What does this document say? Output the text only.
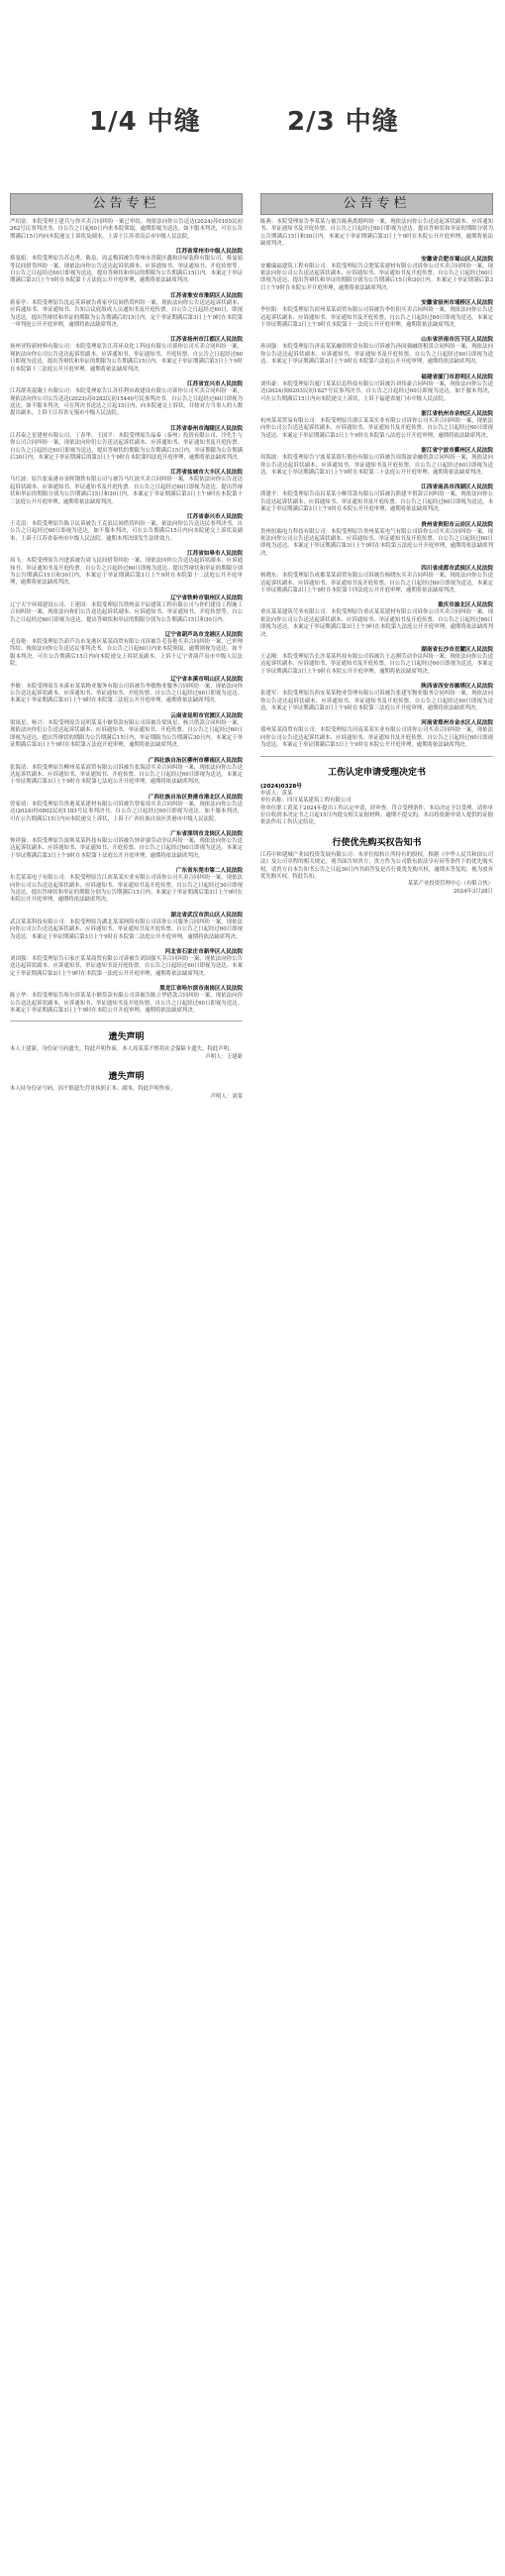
1/4 中缝	2/3 中缝
公告专栏

严绍富：本院受理王建兵与你买卖合同纠纷一案已审结。现依法向你公告送达(2024)苏0105民初262号民事判决书。自公告之日起60日内来本院领取，逾期即视为送达。如不服本判决，可在公告期满后15日内向本院递交上诉状及副本，上诉于江苏省南京市中级人民法院。

江苏省常州市中级人民法院

蔡曼娟：本院受理原告苏志勇、陈泉、周孟梅诉被告常州市晋陵区鑫和房屋装修有限公司、蔡曼娟等民间借贷纠纷一案，现依法向你公告送达起诉状副本、应诉通知书、举证通知书、开庭传票等。自公告之日起经过60日即视为送达。提出答辩状和举证的期限为公告期满后15日内。本案定于举证期满后第3日上午9时在本院第十五法庭公开开庭审理，逾期将依法缺席判决。

江苏省淮安市淮阴区人民法院

蒋家亭：本院受理原告沈远英诉被告蒋家亭民间借贷纠纷一案，现依法向你公告送达起诉状副本、应诉通知书、举证通知书、告知合议庭组成人员通知书及开庭传票。自公告之日起经过60日，即视为送达。提出答辩状和举证的期限为公告期满后的15日内。定于举证期满后第3日上午9时在本院第一审判庭公开开庭审理，逾期将依法缺席判决。

江苏省扬州市江都区人民法院

扬州亚特新材料有限公司：本院受理原告江苏环众化工科技有限公司诉你公司买卖合同纠纷一案，现依法向你公司公告送达起诉状副本、应诉通知书、举证通知书、开庭传票。自公告之日起经过60日即视为送达。提出答辩状和举证的期限为公告期满后15日内。本案定于举证期满后第3日上午9时在本院第十三法庭公开开庭审理。逾期将依法缺席判决。

江苏省宜兴市人民法院

江苏群英混凝土有限公司：本院受理原告江苏佳利市政建设有限公司诉你公司买卖合同纠纷一案，现依法向你公司公告送达(2023)苏0282民初15440号民事判决书。自公告之日起经过60日即视为送达。如不服本判决，可在判决书送达之日起15日内，向本院递交上诉状，并按对方当事人的人数提出副本，上诉于江苏省无锡市中级人民法院。

江苏省泰州市海陵区人民法院

江苏泰之星建材有限公司、丁春华、王国平：本院受理原告晶泰（泰州）投资有限公司、冷先生与你公司合同纠纷一案，现依法向你们公告送达起诉状副本、应诉通知书、举证通知书及开庭传票。自公告之日起经过60日即视为送达。提出答辩状的期限为公告期满后15日内，举证期限为公告期满后30日内。本案定于举证期满后的第3日上午9时在本院第四法庭开庭审理，逾期将依法缺席判决。

江苏省盐城市大丰区人民法院

马红波：原告张家港市金晖钢铁有限公司与被告马红波买卖合同纠纷一案，本院依法向你公告送达起诉状副本、应诉通知书、举证通知书及开庭传票。自公告之日起经过60日即视为送达。提出答辩状和举证的期限分别为公告期满后15日和30日内。本案定于举证期满后第3日上午9时在本院第十三法庭公开开庭审理，逾期将依法缺席判决。

江苏省泰兴市人民法院

王克浪：本院受理原告陈卫民诉被告王克浪民间借贷纠纷一案，依法向你公告送达民事判决书。自公告之日起经过60日即视为送达。如不服本判决，可在公告期满后15日内向本院递交上诉状及副本，上诉于江苏省泰州市中级人民法院。逾期本判决即发生法律效力。

江苏省如皋市人民法院

周飞：本院受理原告冯进诉被告周飞民间借贷纠纷一案，现依法向你公告送达起诉状副本、应诉通知书、举证通知书及开庭传票。自公告之日起经过60日即视为送达。提出答辩状和举证的期限分别为公告期满后15日和30日内。本案定于举证期满后第3日上午9时在本院第十二法庭公开开庭审理，逾期将依法缺席判决。

辽宁省铁岭市银州区人民法院

辽宁天宇环境建设公司、王建国：本院受理原告铁岭县宇辰建筑工程有限公司与你们建设工程施工合同纠纷一案，现依法向你们公告送达起诉状副本、应诉通知书、举证通知书、开庭传票等。自公告之日起经过60日即视为送达。提出答辩状和举证的期限分别为公告期满后15日和30日内。

辽宁省葫芦岛市龙港区人民法院

毛春艳：本院受理原告葫芦岛市龙港区某某商贸有限公司诉被告毛春艳买卖合同纠纷一案，已审理终结。现依法向你公告送达民事判决书。自公告之日起60日内来本院领取，逾期则视为送达。如不服本判决，可在公告期满后15日内向本院递交上诉状及副本，上诉于辽宁省葫芦岛市中级人民法院。

辽宁省本溪市明山区人民法院

李敏：本院受理原告本溪市某某物业服务有限公司诉被告李敏物业服务合同纠纷一案，现依法向你公告送达起诉状副本、应诉通知书、举证通知书、开庭传票。自公告之日起经过60日即视为送达。本案定于举证期满后第3日上午9时在本院第三法庭公开开庭审理，逾期将依法缺席判决。

云南省昆明市官渡区人民法院

梁凤星、杨兴：本院受理原告昆明某某小额贷款有限公司诉被告梁凤星、杨兴借款合同纠纷一案，现依法向你们公告送达起诉状副本、应诉通知书、举证通知书、开庭传票。自公告之日起经过60日即视为送达。提出答辩状的期限为公告期满后15日内，举证期限为公告期满后30日内。本案定于举证期满后第3日上午9时在本院第五法庭开庭审理，逾期将依法缺席判决。

广西壮族自治区柳州市柳南区人民法院

张海清：本院受理原告柳州某某商贸有限公司诉被告张海清买卖合同纠纷一案，现依法向你公告送达起诉状副本、应诉通知书、举证通知书、开庭传票。自公告之日起经过60日即视为送达。本案定于举证期满后第3日上午9时在本院第七法庭公开开庭审理，逾期将依法缺席判决。

广西壮族自治区贵港市港北区人民法院

曾家靖：本院受理原告贵港某某建材有限公司诉被告曾家靖买卖合同纠纷一案，现依法向你公告送达(2024)桂0802民初1183号民事判决书。自公告之日起经过60日即视为送达。如不服本判决，可在公告期满后15日内向本院递交上诉状，上诉于广西壮族自治区贵港市中级人民法院。

广东省深圳市龙岗区人民法院

钟祥强：本院受理原告深圳某某科技有限公司诉被告钟祥强劳动争议纠纷一案，现依法向你公告送达起诉状副本、应诉通知书、举证通知书、开庭传票。自公告之日起经过60日即视为送达。本案定于举证期满后第3日上午9时在本院第十法庭公开开庭审理，逾期将依法缺席判决。

广东省东莞市第二人民法院

东莞某某电子有限公司：本院受理原告江西某某实业有限公司诉你公司买卖合同纠纷一案，现依法向你公司公告送达起诉状副本、应诉通知书、举证通知书及开庭传票。自公告之日起经过30日即视为送达。提出答辩状和举证的期限分别为公告期满后15日内。本案定于举证期满后第3日上午9时在本院公开开庭审理，逾期将依法缺席判决。

湖北省武汉市洪山区人民法院

武汉某某科技有限公司：本院受理原告湖北某某网络有限公司诉你公司服务合同纠纷一案，现依法向你公司公告送达起诉状副本、应诉通知书、举证通知书及开庭传票。自公告之日起经过60日即视为送达。本案定于举证期满后第3日上午9时在本院第二法庭公开开庭审理，逾期将依法缺席判决。

河北省石家庄市新华区人民法院

刘国强：本院受理原告石家庄某某商贸有限公司诉被告刘国强买卖合同纠纷一案，现依法向你公告送达起诉状副本、应诉通知书、举证通知书及开庭传票。自公告之日起经过60日即视为送达。本案定于举证期满后第3日上午9时在本院第一法庭公开开庭审理，逾期将依法缺席判决。

黑龙江省哈尔滨市南岗区人民法院

陈立华：本院受理原告哈尔滨某某小额贷款有限公司诉被告陈立华借款合同纠纷一案，现依法向你公告送达起诉状副本、应诉通知书、举证通知书及开庭传票。自公告之日起经过60日即视为送达。本案定于举证期满后第3日上午9时在本院公开开庭审理，逾期将依法缺席判决。

遗失声明

本人王建新，身份证号码遗失，特此声明作废。本人周某某不慎将社会保障卡遗失，特此声明。

声明人：王建新
遗失声明

本人持身份证号码，因不慎遗失营业执照正本、副本，特此声明作废。

声明人：刘某
公告专栏

陈燕：本院受理原告李某某与被告陈燕离婚纠纷一案，现依法向你公告送达起诉状副本、应诉通知书、举证通知书及开庭传票。自公告之日起经过60日即视为送达。提出答辩状和举证的期限分别为公告期满后15日和30日内。本案定于举证期满后第3日上午9时在本院公开开庭审理，逾期将依法缺席判决。

安徽省合肥市蜀山区人民法院

安徽瑞福建筑工程有限公司：本院受理原告合肥某某建材有限公司诉你公司买卖合同纠纷一案，现依法向你公司公告送达起诉状副本、应诉通知书、举证通知书及开庭传票。自公告之日起经过60日即视为送达。提出答辩状和举证的期限分别为公告期满后15日和30日内。本案定于举证期满后第3日上午9时在本院公开开庭审理，逾期将依法缺席判决。

安徽省宿州市埇桥区人民法院

李恒阳：本院受理原告宿州某某商贸有限公司诉被告李恒阳买卖合同纠纷一案，现依法向你公告送达起诉状副本、应诉通知书、举证通知书及开庭传票。自公告之日起经过60日即视为送达。本案定于举证期满后第3日上午9时在本院第十一法庭公开开庭审理，逾期将依法缺席判决。

山东省济南市历下区人民法院

孙国强：本院受理原告济南某某融资租赁有限公司诉被告孙国强融资租赁合同纠纷一案，现依法向你公告送达起诉状副本、应诉通知书、举证通知书及开庭传票。自公告之日起经过60日即视为送达。本案定于举证期满后第3日上午9时在本院第六法庭公开开庭审理，逾期将依法缺席判决。

福建省厦门市思明区人民法院

刘伟豪：本院受理原告厦门某某信息科技有限公司诉被告刘伟豪合同纠纷一案，现依法向你公告送达(2024)闽0203民初1827号民事判决书。自公告之日起经过60日即视为送达。如不服本判决，可在公告期满后15日内向本院递交上诉状，上诉于福建省厦门市中级人民法院。

浙江省杭州市余杭区人民法院

杭州某某贸易有限公司：本院受理原告浙江某某实业有限公司诉你公司买卖合同纠纷一案，现依法向你公司公告送达起诉状副本、应诉通知书、举证通知书及开庭传票。自公告之日起经过60日即视为送达。本案定于举证期满后第3日上午9时在本院第八法庭公开开庭审理，逾期将依法缺席判决。

浙江省宁波市鄞州区人民法院

周海波：本院受理原告宁波某某银行股份有限公司诉被告周海波金融借款合同纠纷一案，现依法向你公告送达起诉状副本、应诉通知书、举证通知书及开庭传票。自公告之日起经过60日即视为送达。本案定于举证期满后第3日上午9时在本院第二十法庭公开开庭审理，逾期将依法缺席判决。

江西省南昌市西湖区人民法院

熊建平：本院受理原告南昌某某小额贷款有限公司诉被告熊建平借款合同纠纷一案，现依法向你公告送达起诉状副本、应诉通知书、举证通知书及开庭传票。自公告之日起经过60日即视为送达。本案定于举证期满后第3日上午9时在本院公开开庭审理，逾期将依法缺席判决。

贵州省贵阳市云岩区人民法院

贵州恒瑞电力科技有限公司：本院受理原告贵州某某电气有限公司诉你公司买卖合同纠纷一案，现依法向你公司公告送达起诉状副本、应诉通知书、举证通知书及开庭传票。自公告之日起经过60日即视为送达。本案定于举证期满后第3日上午9时在本院第五法庭公开开庭审理，逾期将依法缺席判决。

四川省成都市武侯区人民法院

杨晓东：本院受理原告成都某某商贸有限公司诉被告杨晓东买卖合同纠纷一案，现依法向你公告送达起诉状副本、应诉通知书、举证通知书及开庭传票。自公告之日起经过60日即视为送达。本案定于举证期满后第3日上午9时在本院第十四法庭公开开庭审理，逾期将依法缺席判决。

重庆市渝北区人民法院

重庆某某建筑劳务有限公司：本院受理原告重庆某某建材有限公司诉你公司买卖合同纠纷一案，现依法向你公司公告送达起诉状副本、应诉通知书、举证通知书及开庭传票。自公告之日起经过60日即视为送达。本案定于举证期满后第3日上午9时在本院第九法庭公开开庭审理，逾期将依法缺席判决。

湖南省长沙市岳麓区人民法院

王志刚：本院受理原告长沙某某科技有限公司诉被告王志刚劳动争议纠纷一案，现依法向你公告送达起诉状副本、应诉通知书、举证通知书及开庭传票。自公告之日起经过60日即视为送达。本案定于举证期满后第3日上午9时在本院公开开庭审理，逾期将依法缺席判决。

陕西省西安市雁塔区人民法院

张建军：本院受理原告西安某某物业管理有限公司诉被告张建军物业服务合同纠纷一案，现依法向你公告送达起诉状副本、应诉通知书、举证通知书及开庭传票。自公告之日起经过60日即视为送达。本案定于举证期满后第3日上午9时在本院第三法庭公开开庭审理，逾期将依法缺席判决。

河南省郑州市金水区人民法院

郑州某某商贸有限公司：本院受理原告河南某某实业有限公司诉你公司买卖合同纠纷一案，现依法向你公司公告送达起诉状副本、应诉通知书、举证通知书及开庭传票。自公告之日起经过60日即视为送达。本案定于举证期满后第3日上午9时在本院公开开庭审理，逾期将依法缺席判决。

工伤认定申请受理决定书
(2024)0328号

申请人：黄某
单位名称：四川某某建筑工程有限公司
你单位职工黄某于2024年提出工伤认定申请，经审查，符合受理条件，本局决定予以受理。请你单位自收到本决定书之日起15日内提交相关证据材料。逾期不提交的，本局将依据申请人提供的证据依法作出工伤认定结论。

行使优先购买权告知书

江苏中和建城产业园投资发展有限公司：本单位拟转让所持有的股权，根据《中华人民共和国公司法》及公司章程的相关规定，现书面告知贵方，贵方作为公司股东依法享有同等条件下的优先购买权。请贵方自本告知书公告之日起30日内书面答复是否行使优先购买权，逾期未答复的，视为放弃优先购买权。特此告知。

某某产业投资管理中心（有限合伙）
2024年3月28日
